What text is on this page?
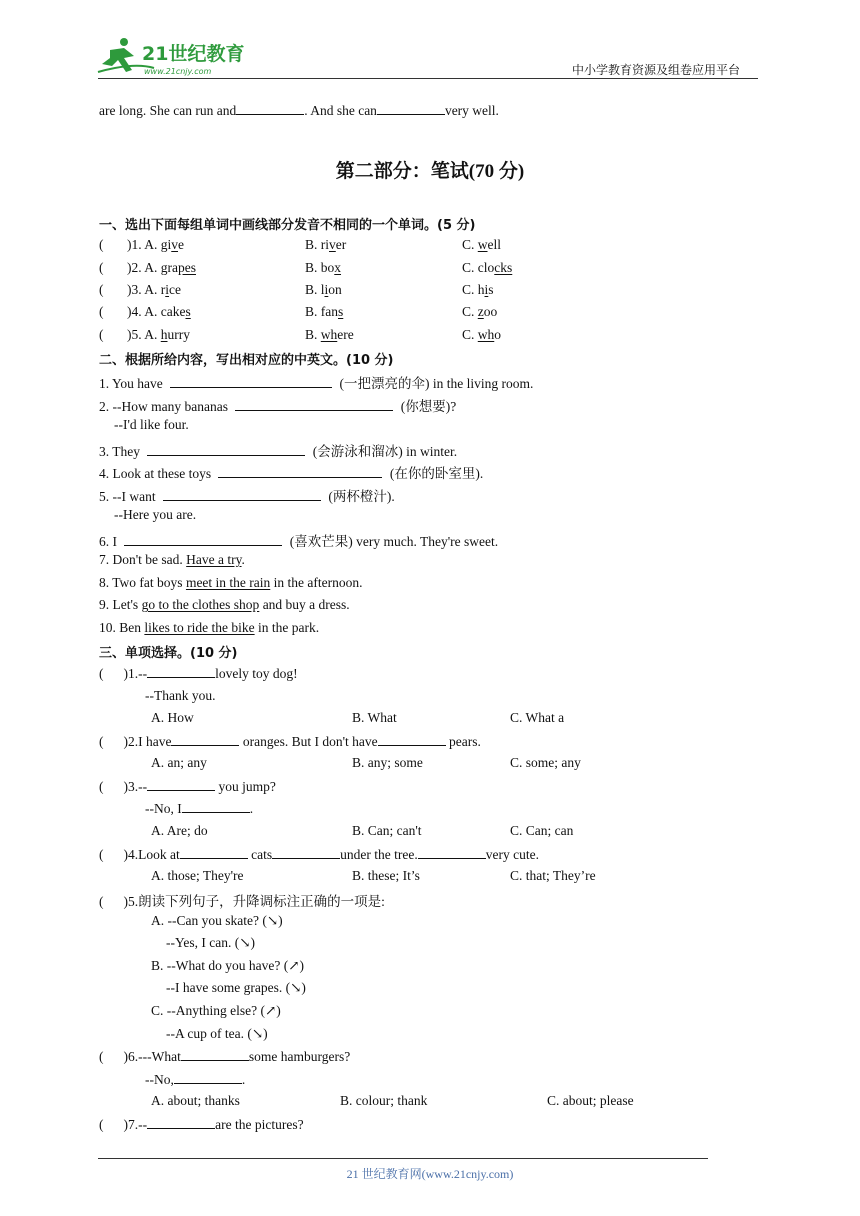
21世纪教育
www.21cnjy.com	中小学教育资源及组卷应用平台
are long. She can run and	. And she can	very well.
第二部分：笔试(70 分)
一、选出下面每组单词中画线部分发音不相同的一个单词。(5 分)
( )1. A. give	B. river	C. well
( )2. A. grapes	B. box	C. clocks
( )3. A. rice	B. lion	C. his
( )4. A. cakes	B. fans	C. zoo
( )5. A. hurry	B. where	C. who
二、根据所给内容，写出相对应的中英文。(10 分)
1. You have	(一把漂亮的伞) in the living room.
2. --How many bananas	(你想要)?
--I'd like four.
3. They	(会游泳和溜冰) in winter.
4. Look at these toys	(在你的卧室里).
5. --I want	(两杯橙汁).
--Here you are.
6. I	(喜欢芒果) very much. They're sweet.
7. Don't be sad. Have a try.
8. Two fat boys meet in the rain in the afternoon.
9. Let's go to the clothes shop and buy a dress.
10. Ben likes to ride the bike in the park.
三、单项选择。(10 分)
( )1.--	lovely toy dog!
--Thank you.
A. How	B. What	C. What a
( )2.I have	oranges. But I don't have	pears.
A. an; any	B. any; some	C. some; any
( )3.--	you jump?
--No, I	.
A. Are; do	B. Can; can't	C. Can; can
( )4.Look at	cats	under the tree.	very cute.
A. those; They're	B. these; It’s	C. that; They’re
( )5.朗读下列句子，升降调标注正确的一项是:
A. --Can you skate? (↘)
--Yes, I can. (↘)
B. --What do you have? (↗)
--I have some grapes. (↘)
C. --Anything else? (↗)
--A cup of tea. (↘)
( )6.---What	some hamburgers?
--No,	.
A. about; thanks	B. colour; thank	C. about; please
( )7.--	are the pictures?
21 世纪教育网(www.21cnjy.com)
